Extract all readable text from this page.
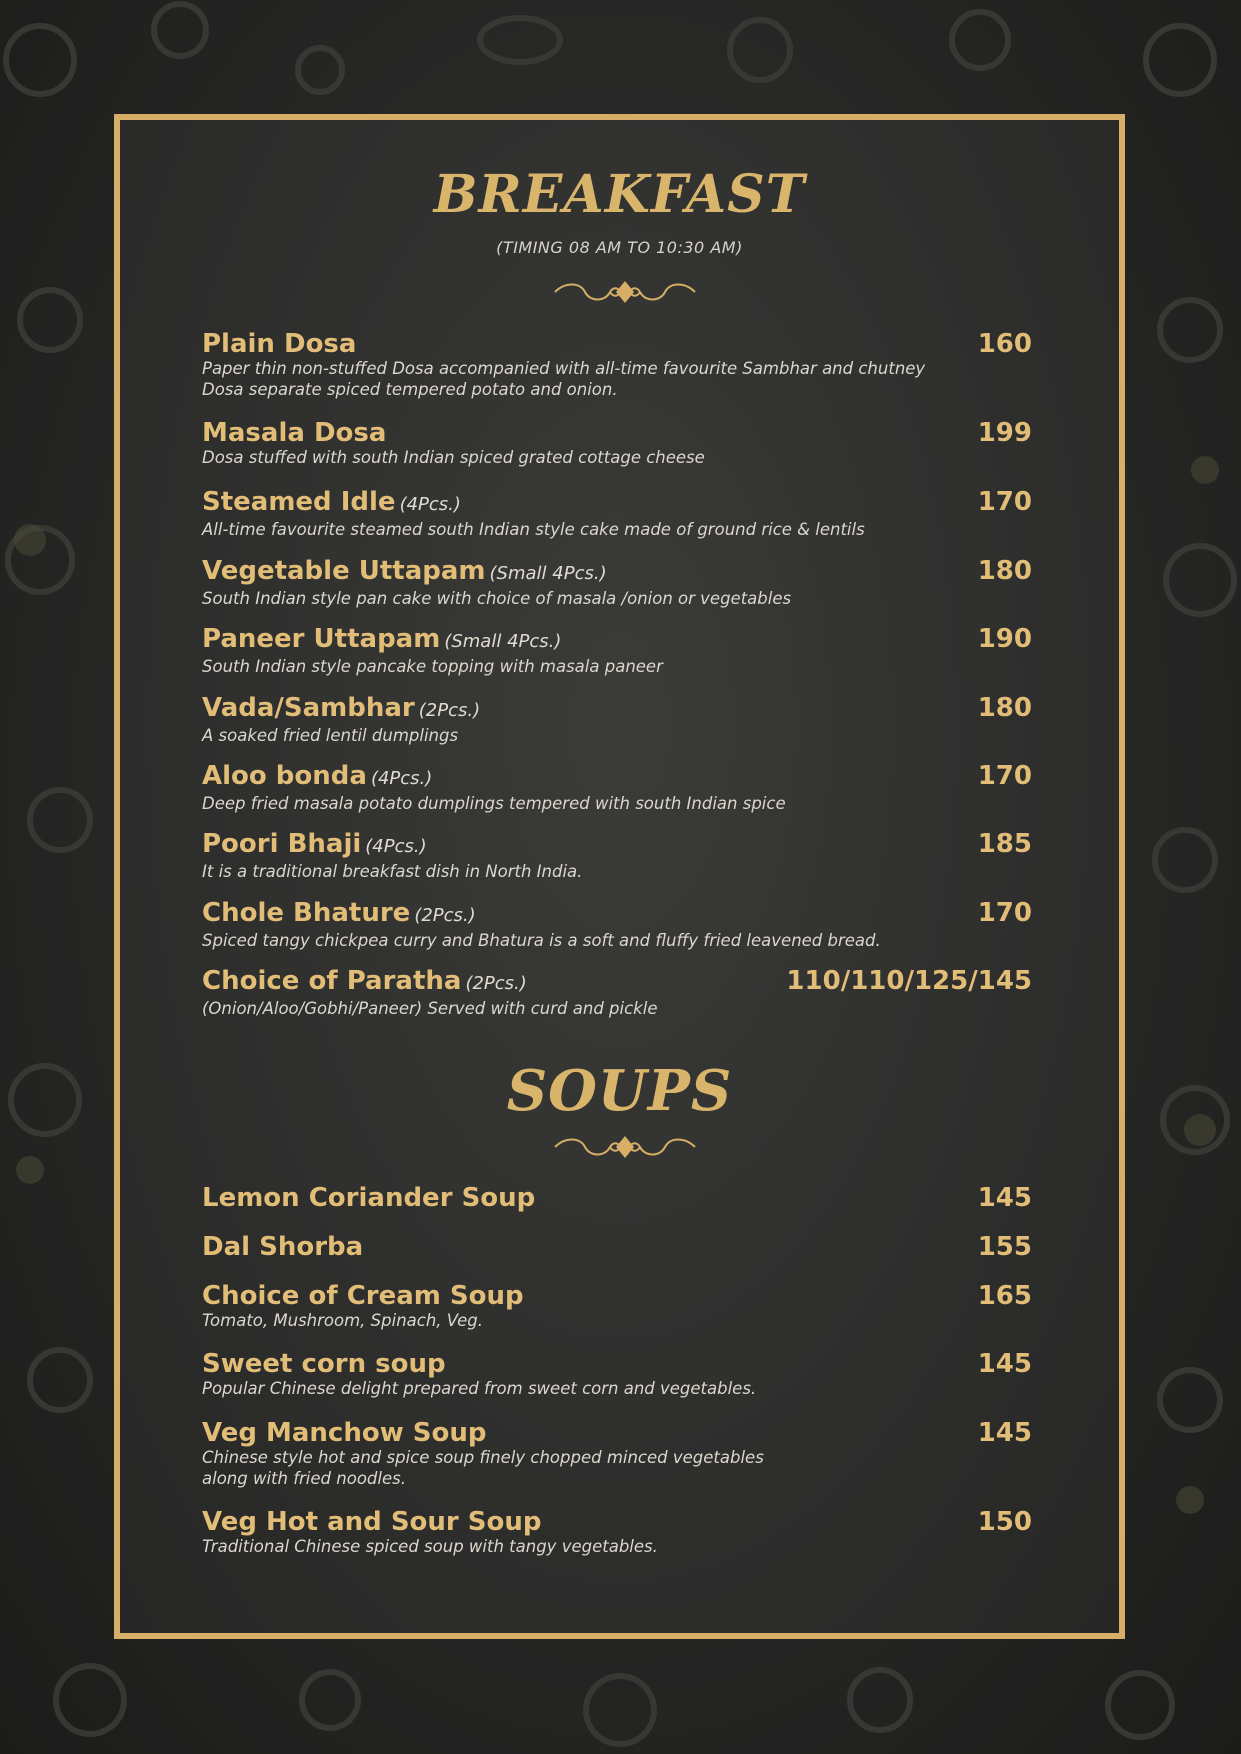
BREAKFAST
(TIMING 08 AM TO 10:30 AM)
Plain Dosa	160
Paper thin non-stuffed Dosa accompanied with all-time favourite Sambhar and chutney
Dosa separate spiced tempered potato and onion.
Masala Dosa	199
Dosa stuffed with south Indian spiced grated cottage cheese
Steamed Idle (4Pcs.)	170
All-time favourite steamed south Indian style cake made of ground rice & lentils
Vegetable Uttapam (Small 4Pcs.)	180
South Indian style pan cake with choice of masala /onion or vegetables
Paneer Uttapam (Small 4Pcs.)	190
South Indian style pancake topping with masala paneer
Vada/Sambhar (2Pcs.)	180
A soaked fried lentil dumplings
Aloo bonda (4Pcs.)	170
Deep fried masala potato dumplings tempered with south Indian spice
Poori Bhaji (4Pcs.)	185
It is a traditional breakfast dish in North India.
Chole Bhature (2Pcs.)	170
Spiced tangy chickpea curry and Bhatura is a soft and fluffy fried leavened bread.
Choice of Paratha (2Pcs.)	110/110/125/145
(Onion/Aloo/Gobhi/Paneer) Served with curd and pickle
SOUPS
Lemon Coriander Soup	145
Dal Shorba	155
Choice of Cream Soup	165
Tomato, Mushroom, Spinach, Veg.
Sweet corn soup	145
Popular Chinese delight prepared from sweet corn and vegetables.
Veg Manchow Soup	145
Chinese style hot and spice soup finely chopped minced vegetables
along with fried noodles.
Veg Hot and Sour Soup	150
Traditional Chinese spiced soup with tangy vegetables.
